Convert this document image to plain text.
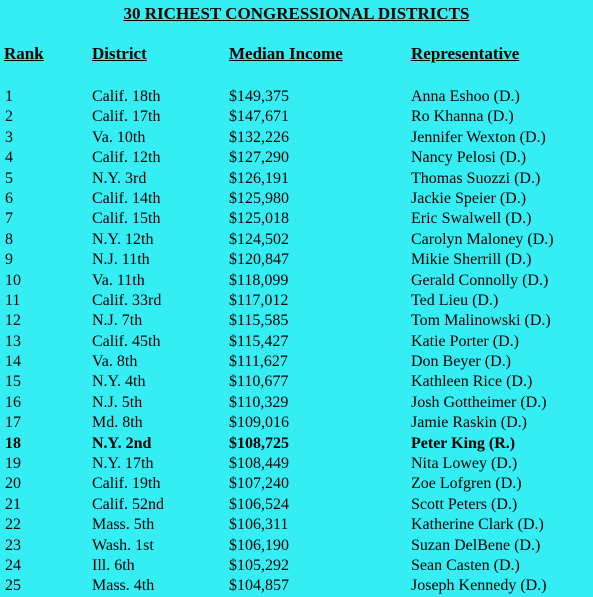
30 RICHEST CONGRESSIONAL DISTRICTS
Rank	District	Median Income	Representative
1	Calif. 18th	$149,375	Anna Eshoo (D.)
2	Calif. 17th	$147,671	Ro Khanna (D.)
3	Va. 10th	$132,226	Jennifer Wexton (D.)
4	Calif. 12th	$127,290	Nancy Pelosi (D.)
5	N.Y. 3rd	$126,191	Thomas Suozzi (D.)
6	Calif. 14th	$125,980	Jackie Speier (D.)
7	Calif. 15th	$125,018	Eric Swalwell (D.)
8	N.Y. 12th	$124,502	Carolyn Maloney (D.)
9	N.J. 11th	$120,847	Mikie Sherrill (D.)
10	Va. 11th	$118,099	Gerald Connolly (D.)
11	Calif. 33rd	$117,012	Ted Lieu (D.)
12	N.J. 7th	$115,585	Tom Malinowski (D.)
13	Calif. 45th	$115,427	Katie Porter (D.)
14	Va. 8th	$111,627	Don Beyer (D.)
15	N.Y. 4th	$110,677	Kathleen Rice (D.)
16	N.J. 5th	$110,329	Josh Gottheimer (D.)
17	Md. 8th	$109,016	Jamie Raskin (D.)
18	N.Y. 2nd	$108,725	Peter King (R.)
19	N.Y. 17th	$108,449	Nita Lowey (D.)
20	Calif. 19th	$107,240	Zoe Lofgren (D.)
21	Calif. 52nd	$106,524	Scott Peters (D.)
22	Mass. 5th	$106,311	Katherine Clark (D.)
23	Wash. 1st	$106,190	Suzan DelBene (D.)
24	Ill. 6th	$105,292	Sean Casten (D.)
25	Mass. 4th	$104,857	Joseph Kennedy (D.)
